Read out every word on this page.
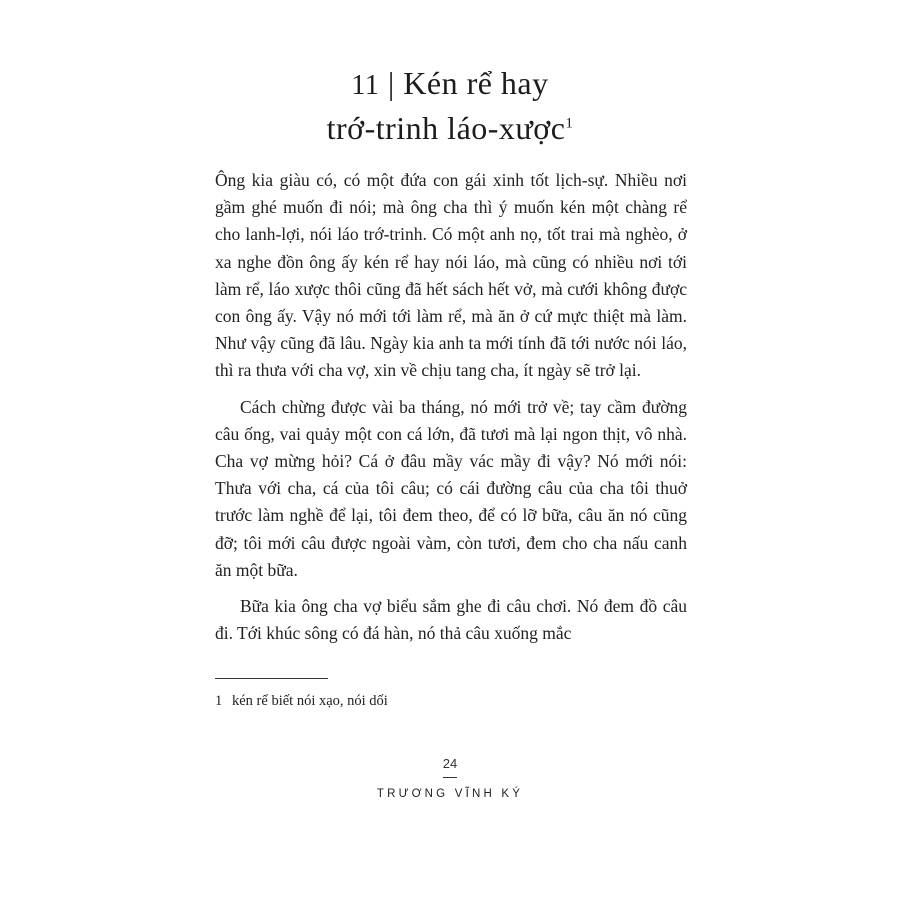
11 | Kén rể hay
trớ-trinh láo-xược$^1$

Ông kia giàu có, có một đứa con gái xinh tốt lịch-sự. Nhiều nơi gầm ghé muốn đi nói; mà ông cha thì ý muốn kén một chàng rể cho lanh-lợi, nói láo trớ-trinh. Có một anh nọ, tốt trai mà nghèo, ở xa nghe đồn ông ấy kén rể hay nói láo, mà cũng có nhiều nơi tới làm rể, láo xược thôi cũng đã hết sách hết vở, mà cưới không được con ông ấy. Vậy nó mới tới làm rể, mà ăn ở cứ mực thiệt mà làm. Như vậy cũng đã lâu. Ngày kia anh ta mới tính đã tới nước nói láo, thì ra thưa với cha vợ, xin về chịu tang cha, ít ngày sẽ trở lại.

Cách chừng được vài ba tháng, nó mới trở về; tay cầm đường câu ống, vai quảy một con cá lớn, đã tươi mà lại ngon thịt, vô nhà. Cha vợ mừng hỏi? Cá ở đâu mầy vác mầy đi vậy? Nó mới nói: Thưa với cha, cá của tôi câu; có cái đường câu của cha tôi thuở trước làm nghề để lại, tôi đem theo, để có lỡ bữa, câu ăn nó cũng đỡ; tôi mới câu được ngoài vàm, còn tươi, đem cho cha nấu canh ăn một bữa.

Bữa kia ông cha vợ biểu sắm ghe đi câu chơi. Nó đem đồ câu đi. Tới khúc sông có đá hàn, nó thả câu xuống mắc

1 kén rể biết nói xạo, nói dối
24
TRƯƠNG VĨNH KÝ
